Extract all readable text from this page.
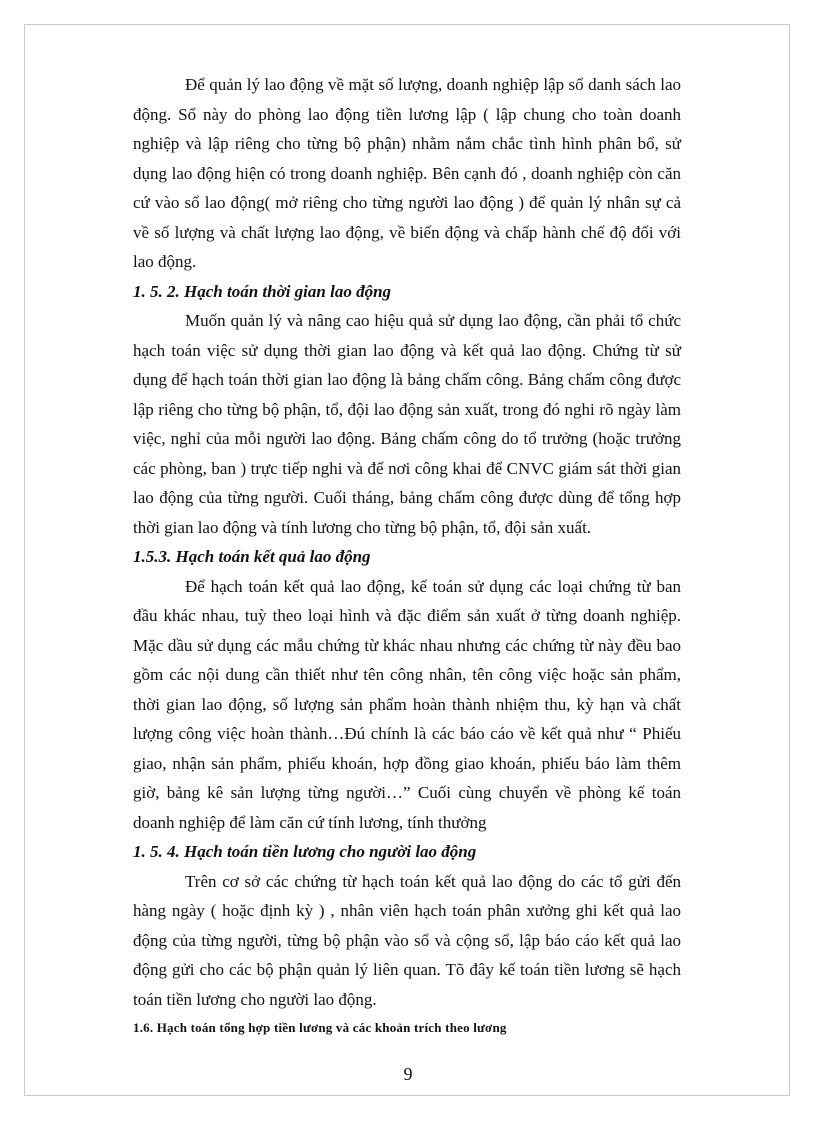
Để quản lý lao động về mặt số lượng, doanh nghiệp lập sổ danh sách lao động. Sổ này do phòng lao động tiền lương lập ( lập chung cho toàn doanh nghiệp và lập riêng cho từng bộ phận) nhằm nắm chắc tình hình phân bổ, sử dụng lao động hiện có trong doanh nghiệp. Bên cạnh đó , doanh nghiệp còn căn cứ vào sổ lao động( mở riêng cho từng người lao động ) để quản lý nhân sự cả về số lượng và chất lượng lao động, về biến động và chấp hành chế độ đối với lao động.

1. 5. 2. Hạch toán thời gian lao động

Muốn quản lý và nâng cao hiệu quả sử dụng lao động, cần phải tổ chức hạch toán việc sử dụng thời gian lao động và kết quả lao động. Chứng từ sử dụng để hạch toán thời gian lao động là bảng chấm công. Bảng chấm công được lập riêng cho từng bộ phận, tổ, đội lao động sản xuất, trong đó nghi rõ ngày làm việc, nghỉ của mỗi người lao động. Bảng chấm công do tổ trưởng (hoặc trưởng các phòng, ban ) trực tiếp nghi và để nơi công khai để CNVC giám sát thời gian lao động của từng người. Cuối tháng, bảng chấm công được dùng để tổng hợp thời gian lao động và tính lương cho từng bộ phận, tổ, đội sản xuất.

1.5.3. Hạch toán kết quả lao động

Để hạch toán kết quả lao động, kế toán sử dụng các loại chứng từ ban đầu khác nhau, tuỳ theo loại hình và đặc điểm sản xuất ở từng doanh nghiệp. Mặc dầu sử dụng các mẫu chứng từ khác nhau nhưng các chứng từ này đều bao gồm các nội dung cần thiết như tên công nhân, tên công việc hoặc sản phẩm, thời gian lao động, số lượng sản phẩm hoàn thành nhiệm thu, kỳ hạn và chất lượng công việc hoàn thành…Đú chính là các báo cáo về kết quả như “ Phiếu giao, nhận sản phẩm, phiếu khoán, hợp đồng giao khoán, phiếu báo làm thêm giờ, bảng kê sản lượng từng người…” Cuối cùng chuyển về phòng kế toán doanh nghiệp để làm căn cứ tính lương, tính thưởng

1. 5. 4. Hạch toán tiền lương cho người lao động

Trên cơ sở các chứng từ hạch toán kết quả lao động do các tổ gửi đến hàng ngày ( hoặc định kỳ ) , nhân viên hạch toán phân xưởng ghi kết quả lao động của từng người, từng bộ phận vào sổ và cộng sổ, lập báo cáo kết quả lao động gửi cho các bộ phận quản lý liên quan. Tõ đây kế toán tiền lương sẽ hạch toán tiền lương cho người lao động.

1.6. Hạch toán tổng hợp tiền lương và các khoản trích theo lương
9
